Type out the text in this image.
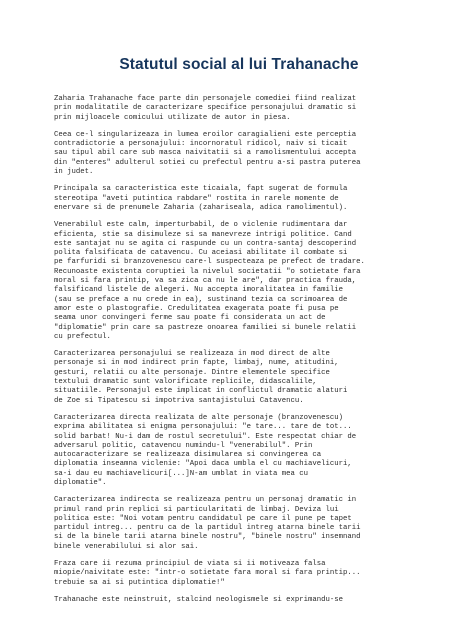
Statutul social al lui Trahanache

Zaharia Trahanache face parte din personajele comediei fiind realizat
prin modalitatile de caracterizare specifice personajului dramatic si
prin mijloacele comicului utilizate de autor in piesa.

Ceea ce-l singularizeaza in lumea eroilor caragialieni este perceptia
contradictorie a personajului: incornoratul ridicol, naiv si ticait
sau tipul abil care sub masca naivitatii si a ramolismentului accepta
din "enteres" adulterul sotiei cu prefectul pentru a-si pastra puterea
in judet.

Principala sa caracteristica este ticaiala, fapt sugerat de formula
stereotipa "aveti putintica rabdare" rostita in rarele momente de
enervare si de prenumele Zaharia (zahariseala, adica ramolimentul).

Venerabilul este calm, imperturbabil, de o viclenie rudimentara dar
eficienta, stie sa disimuleze si sa manevreze intrigi politice. Cand
este santajat nu se agita ci raspunde cu un contra-santaj descoperind
polita falsificata de catavencu. Cu aceiasi abilitate il combate si
pe farfuridi si branzovenescu care-l suspecteaza pe prefect de tradare.
Recunoaste existenta coruptiei la nivelul societatii "o sotietate fara
moral si fara printip, va sa zica ca nu le are", dar practica frauda,
falsificand listele de alegeri. Nu accepta imoralitatea in familie
(sau se preface a nu crede in ea), sustinand tezia ca scrimoarea de
amor este o plastografie. Credulitatea exagerata poate fi pusa pe
seama unor convingeri ferme sau poate fi considerata un act de
"diplomatie" prin care sa pastreze onoarea familiei si bunele relatii
cu prefectul.

Caracterizarea personajului se realizeaza in mod direct de alte
personaje si in mod indirect prin fapte, limbaj, nume, atitudini,
gesturi, relatii cu alte personaje. Dintre elementele specifice
textului dramatic sunt valorificate replicile, didascaliile,
situatiile. Personajul este implicat in conflictul dramatic alaturi
de Zoe si Tipatescu si impotriva santajistului Catavencu.

Caracterizarea directa realizata de alte personaje (branzovenescu)
exprima abilitatea si enigma personajului: "e tare... tare de tot...
solid barbat! Nu-i dam de rostul secretului". Este respectat chiar de
adversarul politic, catavencu numindu-l "venerabilul". Prin
autocaracterizare se realizeaza disimularea si convingerea ca
diplomatia inseamna viclenie: "Apoi daca umbla el cu machiavelicuri,
sa-i dau eu machiavelicuri[...]N-am umblat in viata mea cu
diplomatie".

Caracterizarea indirecta se realizeaza pentru un personaj dramatic in
primul rand prin replici si particularitati de limbaj. Deviza lui
politica este: "Noi votam pentru candidatul pe care il pune pe tapet
partidul intreg... pentru ca de la partidul intreg atarna binele tarii
si de la binele tarii atarna binele nostru", "binele nostru" insemnand
binele venerabilului si alor sai.

Fraza care ii rezuma principiul de viata si ii motiveaza falsa
miopie/naivitate este: "intr-o sotietate fara moral si fara printip...
trebuie sa ai si putintica diplomatie!"

Trahanache este neinstruit, stalcind neologismele si exprimandu-se
